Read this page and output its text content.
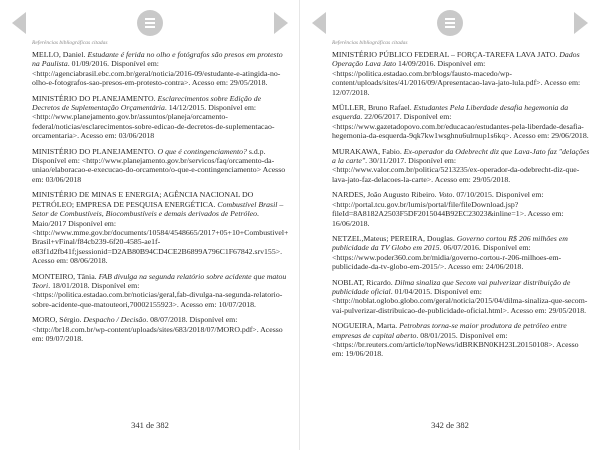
Referências bibliográficas citadas

MELLO, Daniel. Estudante é ferida no olho e fotógrafos são presos em protesto na Paulista. 01/09/2016. Disponível em: <http://agenciabrasil.ebc.com.br/geral/noticia/2016-09/estudante-e-atingida-no-olho-e-fotografos-sao-presos-em-protesto-contra>. Acesso em: 29/05/2018.

MINISTÉRIO DO PLANEJAMENTO. Esclarecimentos sobre Edição de Decretos de Suplementação Orçamentária. 14/12/2015. Disponível em: <http://www.planejamento.gov.br/assuntos/planeja/orcamento-federal/noticias/esclarecimentos-sobre-edicao-de-decretos-de-suplementacao-orcamentaria>. Acesso em: 03/06/2018

MINISTÉRIO DO PLANEJAMENTO. O que é contingenciamento? s.d.p. Disponível em: <http://www.planejamento.gov.br/servicos/faq/orcamento-da-uniao/elaboracao-e-execucao-do-orcamento/o-que-e-contingenciamento> Acesso em: 03/06/2018

MINISTÉRIO DE MINAS E ENERGIA; AGÊNCIA NACIONAL DO PETRÓLEO; EMPRESA DE PESQUISA ENERGÉTICA. Combustível Brasil – Setor de Combustíveis, Biocombustíveis e demais derivados de Petróleo. Maio/2017 Disponível em: <http://www.mme.gov.br/documents/10584/4548665/2017+05+10+Combustivel+Brasil+vFinal/f84cb239-6f20-4585-ae1f-e83f1d2fb41f;jsessionid=D2AB80B94CD4CE2B6899A796C1F67842.srv155>. Acesso em: 08/06/2018.

MONTEIRO, Tânia. FAB divulga na segunda relatório sobre acidente que matou Teori. 18/01/2018. Disponível em: <https://politica.estadao.com.br/noticias/geral,fab-divulga-na-segunda-relatorio-sobre-acidente-que-matouteori,70002155923>. Acesso em: 10/07/2018.

MORO, Sérgio. Despacho / Decisão. 08/07/2018. Disponível em: <http://br18.com.br/wp-content/uploads/sites/683/2018/07/MORO.pdf>. Acesso em: 09/07/2018.

341 de 382
Referências bibliográficas citadas

MINISTÉRIO PÚBLICO FEDERAL – FORÇA-TAREFA LAVA JATO. Dados Operação Lava Jato 14/09/2016. Disponível em: <https://politica.estadao.com.br/blogs/fausto-macedo/wp-content/uploads/sites/41/2016/09/Apresentacao-lava-jato-lula.pdf>. Acesso em: 12/07/2018.

MÜLLER, Bruno Rafael. Estudantes Pela Liberdade desafia hegemonia da esquerda. 22/06/2017. Disponível em: <https://www.gazetadopovo.com.br/educacao/estudantes-pela-liberdade-desafia-hegemonia-da-esquerda-9qk7kw1wsghnu6ulrnup1s6kq>. Acesso em: 29/06/2018.

MURAKAWA, Fabio. Ex-operador da Odebrecht diz que Lava-Jato faz "delações a la carte". 30/11/2017. Disponível em: <http://www.valor.com.br/politica/5213235/ex-operador-da-odebrecht-diz-que-lava-jato-faz-delacoes-la-carte>. Acesso em: 29/05/2018.

NARDES, João Augusto Ribeiro. Voto. 07/10/2015. Disponível em: <http://portal.tcu.gov.br/lumis/portal/file/fileDownload.jsp?fileId=8A8182A2503F5DF2015044B92EC23023&inline=1>. Acesso em: 16/06/2018.

NETZEL,Mateus; PEREIRA, Douglas. Governo cortou R$ 206 milhões em publicidade da TV Globo em 2015. 06/07/2016. Disponível em: <https://www.poder360.com.br/midia/governo-cortou-r-206-milhoes-em-publicidade-da-tv-globo-em-2015/>. Acesso em: 24/06/2018.

NOBLAT, Ricardo. Dilma sinaliza que Secom vai pulverizar distribuição de publicidade oficial. 01/04/2015. Disponível em: <http://noblat.oglobo.globo.com/geral/noticia/2015/04/dilma-sinaliza-que-secom-vai-pulverizar-distribuicao-de-publicidade-oficial.html>. Acesso em: 29/05/2018.

NOGUEIRA, Marta. Petrobras torna-se maior produtora de petróleo entre empresas de capital aberto. 08/01/2015. Disponível em: <https://br.reuters.com/article/topNews/idBRKBN0KH23L20150108>. Acesso em: 19/06/2018.

342 de 382
